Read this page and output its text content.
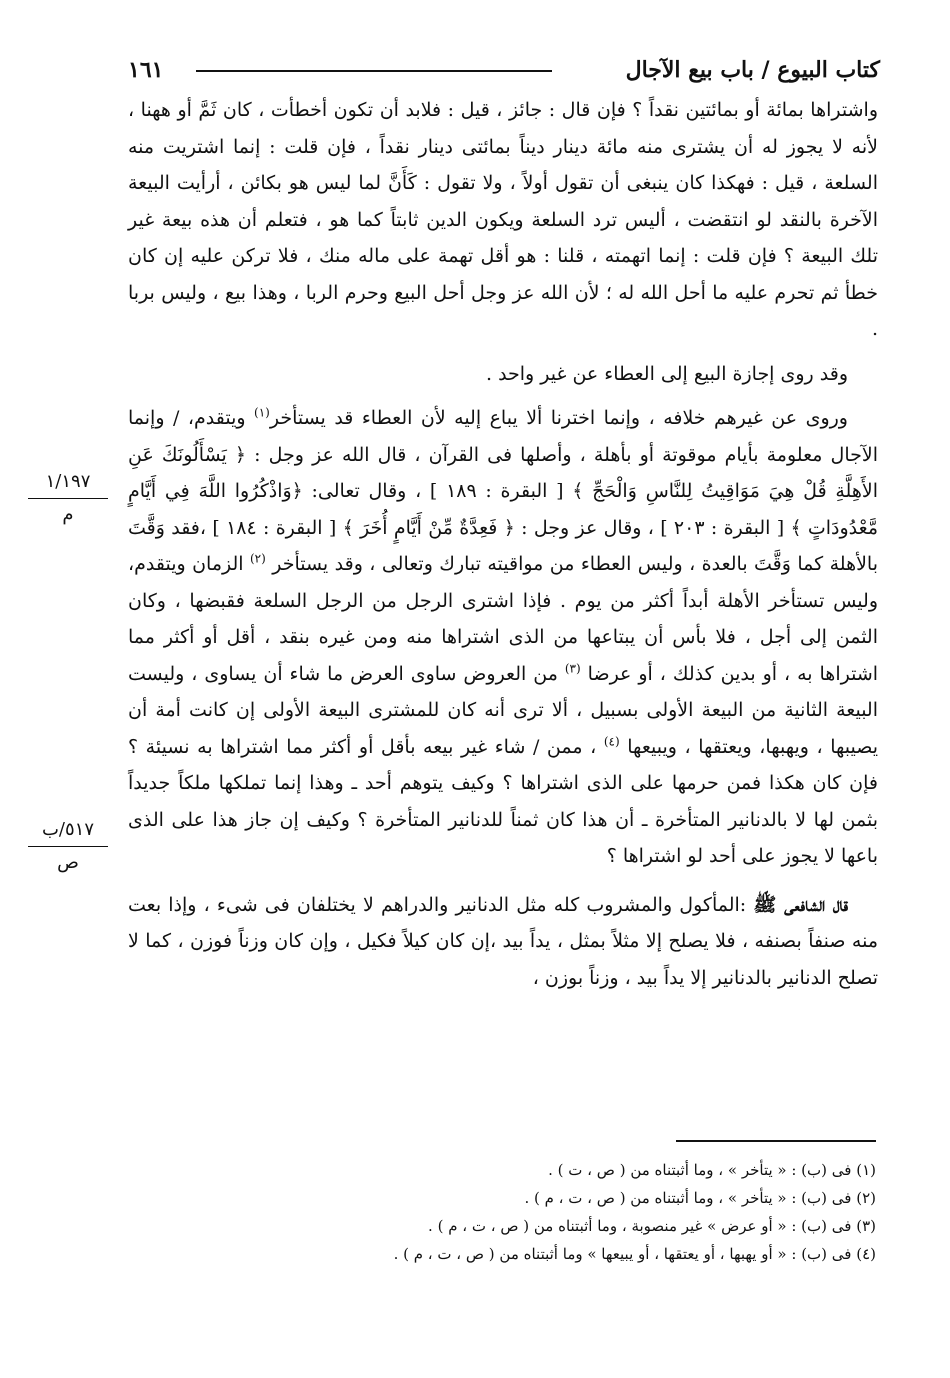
كتاب البيوع / باب بيع الآجال
١٦١

واشتراها بمائة أو بمائتين نقداً ؟ فإن قال : جائز ، قيل : فلابد أن تكون أخطأت ، كان ثَمَّ أو ههنا ، لأنه لا يجوز له أن يشترى منه مائة دينار ديناً بمائتى دينار نقداً ، فإن قلت : إنما اشتريت منه السلعة ، قيل : فهكذا كان ينبغى أن تقول أولاً ، ولا تقول : كَأَنَّ لما ليس هو بكائن ، أرأيت البيعة الآخرة بالنقد لو انتقضت ، أليس ترد السلعة ويكون الدين ثابتاً كما هو ، فتعلم أن هذه بيعة غير تلك البيعة ؟ فإن قلت : إنما اتهمته ، قلنا : هو أقل تهمة على ماله منك ، فلا تركن عليه إن كان خطأ ثم تحرم عليه ما أحل الله له ؛ لأن الله عز وجل أحل البيع وحرم الربا ، وهذا بيع ، وليس بربا .

وقد روى إجازة البيع إلى العطاء عن غير واحد .

وروى عن غيرهم خلافه ، وإنما اخترنا ألا يباع إليه لأن العطاء قد يستأخر$^{(١)}$ ويتقدم، / وإنما الآجال معلومة بأيام موقوتة أو بأهلة ، وأصلها فى القرآن ، قال الله عز وجل : ﴿ يَسْأَلُونَكَ عَنِ الأَهِلَّةِ قُلْ هِيَ مَوَاقِيتُ لِلنَّاسِ وَالْحَجِّ ﴾ [ البقرة : ١٨٩ ] ، وقال تعالى: ﴿وَاذْكُرُوا اللَّهَ فِي أَيَّامٍ مَّعْدُودَاتٍ ﴾ [ البقرة : ٢٠٣ ] ، وقال عز وجل : ﴿ فَعِدَّةٌ مِّنْ أَيَّامٍ أُخَرَ ﴾ [ البقرة : ١٨٤ ] ،فقد وَقَّتَ بالأهلة كما وَقَّتَ بالعدة ، وليس العطاء من مواقيته تبارك وتعالى ، وقد يستأخر $^{(٢)}$ الزمان ويتقدم، وليس تستأخر الأهلة أبداً أكثر من يوم . فإذا اشترى الرجل من الرجل السلعة فقبضها ، وكان الثمن إلى أجل ، فلا بأس أن يبتاعها من الذى اشتراها منه ومن غيره بنقد ، أقل أو أكثر مما اشتراها به ، أو بدين كذلك ، أو عرضا $^{(٣)}$ من العروض ساوى العرض ما شاء أن يساوى ، وليست البيعة الثانية من البيعة الأولى بسبيل ، ألا ترى أنه كان للمشترى البيعة الأولى إن كانت أمة أن يصيبها ، ويهبها، ويعتقها ، ويبيعها $^{(٤)}$ ، ممن / شاء غير بيعه بأقل أو أكثر مما اشتراها به نسيئة ؟ فإن كان هكذا فمن حرمها على الذى اشتراها ؟ وكيف يتوهم أحد ـ وهذا إنما تملكها ملكاً جديداً بثمن لها لا بالدنانير المتأخرة ـ أن هذا كان ثمناً للدنانير المتأخرة ؟ وكيف إن جاز هذا على الذى باعها لا يجوز على أحد لو اشتراها ؟

قال الشافعى ﷺ :المأكول والمشروب كله مثل الدنانير والدراهم لا يختلفان فى شىء ، وإذا بعت منه صنفاً بصنفه ، فلا يصلح إلا مثلاً بمثل ، يداً بيد ،إن كان كيلاً فكيل ، وإن كان وزناً فوزن ، كما لا تصلح الدنانير بالدنانير إلا يداً بيد ، وزناً بوزن ،

١/١٩٧
م
٥١٧/ب
ص
(١) فى (ب) : « يتأخر » ، وما أثبتناه من ( ص ، ت ) .
(٢) فى (ب) : « يتأخر » ، وما أثبتناه من ( ص ، ت ، م ) .
(٣) فى (ب) : « أو عرض » غير منصوبة ، وما أثبتناه من ( ص ، ت ، م ) .
(٤) فى (ب) : « أو يهبها ، أو يعتقها ، أو يبيعها » وما أثبتناه من ( ص ، ت ، م ) .
